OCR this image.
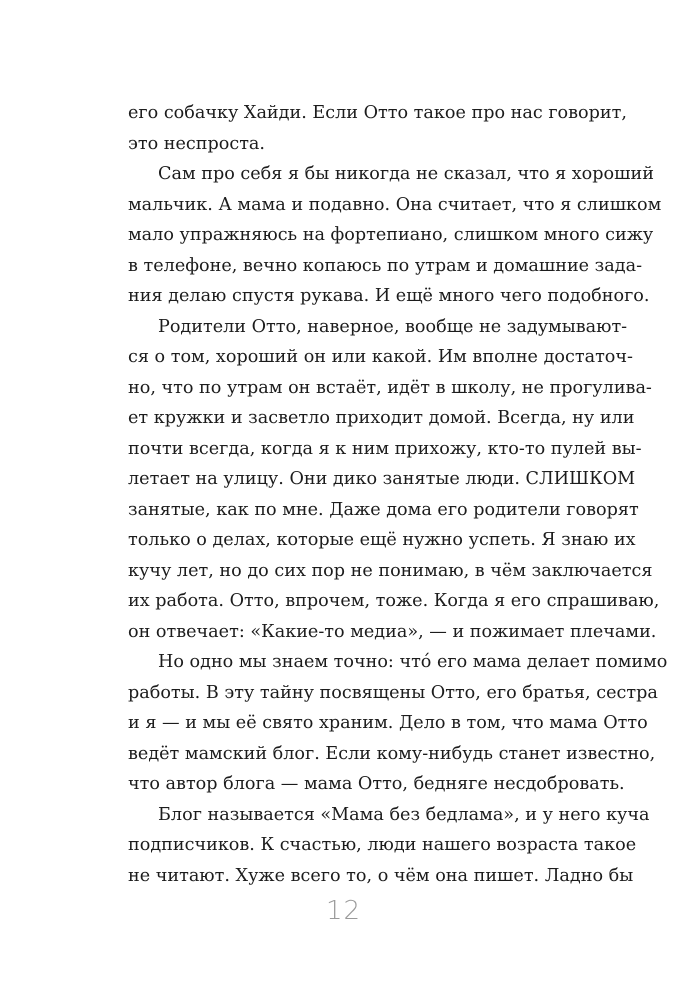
его собачку Хайди. Если Отто такое про нас говорит,
это неспроста.
Сам про себя я бы никогда не сказал, что я хороший
мальчик. А мама и подавно. Она считает, что я слишком
мало упражняюсь на фортепиано, слишком много сижу
в телефоне, вечно копаюсь по утрам и домашние зада-
ния делаю спустя рукава. И ещё много чего подобного.
Родители Отто, наверное, вообще не задумывают-
ся о том, хороший он или какой. Им вполне достаточ-
но, что по утрам он встаёт, идёт в школу, не прогулива-
ет кружки и засветло приходит домой. Всегда, ну или
почти всегда, когда я к ним прихожу, кто-то пулей вы-
летает на улицу. Они дико занятые люди. СЛИШКОМ
занятые, как по мне. Даже дома его родители говорят
только о делах, которые ещё нужно успеть. Я знаю их
кучу лет, но до сих пор не понимаю, в чём заключается
их работа. Отто, впрочем, тоже. Когда я его спрашиваю,
он отвечает: «Какие-то медиа», — и пожимает плечами.
Но одно мы знаем точно: что́ его мама делает помимо
работы. В эту тайну посвящены Отто, его братья, сестра
и я — и мы её свято храним. Дело в том, что мама Отто
ведёт мамский блог. Если кому-нибудь станет известно,
что автор блога — мама Отто, бедняге несдобровать.
Блог называется «Мама без бедлама», и у него куча
подписчиков. К счастью, люди нашего возраста такое
не читают. Хуже всего то, о чём она пишет. Ладно бы
12
